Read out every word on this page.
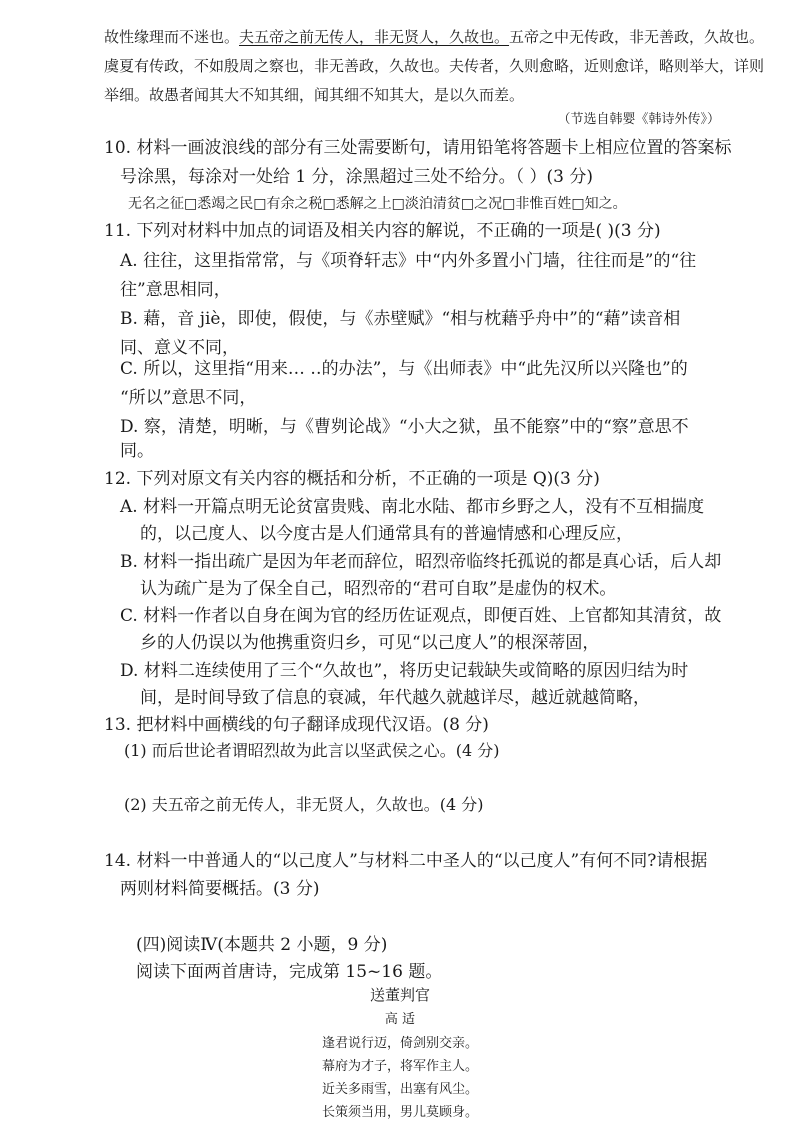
故性缘理而不迷也。夫五帝之前无传人，非无贤人，久故也。五帝之中无传政，非无善政，久故也。
虞夏有传政，不如殷周之察也，非无善政，久故也。夫传者，久则愈略，近则愈详，略则举大，详则
举细。故愚者闻其大不知其细，闻其细不知其大，是以久而差。
（节选自韩婴《韩诗外传》）
10. 材料一画波浪线的部分有三处需要断句，请用铅笔将答题卡上相应位置的答案标
号涂黑，每涂对一处给 1 分，涂黑超过三处不给分。（ ）(3 分)
无名之征□悉竭之民□有余之税□悉解之上□淡泊清贫□之况□非惟百姓□知之。
11. 下列对材料中加点的词语及相关内容的解说，不正确的一项是( )(3 分)
A. 往往，这里指常常，与《项脊轩志》中“内外多置小门墙，往往而是”的“往
往”意思相同，
B. 藉，音 jiè，即使，假使，与《赤壁赋》“相与枕藉乎舟中”的“藉”读音相
同、意义不同，
C. 所以，这里指“用来… ‥的办法”，与《出师表》中“此先汉所以兴隆也”的
“所以”意思不同，
D. 察，清楚，明晰，与《曹刿论战》“小大之狱，虽不能察”中的“察”意思不
同。
12. 下列对原文有关内容的概括和分析，不正确的一项是 Q)(3 分)
A. 材料一开篇点明无论贫富贵贱、南北水陆、都市乡野之人，没有不互相揣度
的，以己度人、以今度古是人们通常具有的普遍情感和心理反应，
B. 材料一指出疏广是因为年老而辞位，昭烈帝临终托孤说的都是真心话，后人却
认为疏广是为了保全自己，昭烈帝的“君可自取”是虚伪的权术。
C. 材料一作者以自身在闽为官的经历佐证观点，即便百姓、上官都知其清贫，故
乡的人仍误以为他携重资归乡，可见“以己度人”的根深蒂固，
D. 材料二连续使用了三个“久故也”，将历史记载缺失或简略的原因归结为时
间，是时间导致了信息的衰减，年代越久就越详尽，越近就越简略，
13. 把材料中画横线的句子翻译成现代汉语。(8 分)
(1) 而后世论者谓昭烈故为此言以坚武侯之心。(4 分)
(2) 夫五帝之前无传人，非无贤人，久故也。(4 分)
14. 材料一中普通人的“以己度人”与材料二中圣人的“以己度人”有何不同?请根据
两则材料简要概括。(3 分)
(四)阅读Ⅳ(本题共 2 小题，9 分)
阅读下面两首唐诗，完成第 15~16 题。
送董判官
高 适
逢君说行迈，倚剑别交亲。
幕府为才子，将军作主人。
近关多雨雪，出塞有风尘。
长策须当用，男儿莫顾身。
